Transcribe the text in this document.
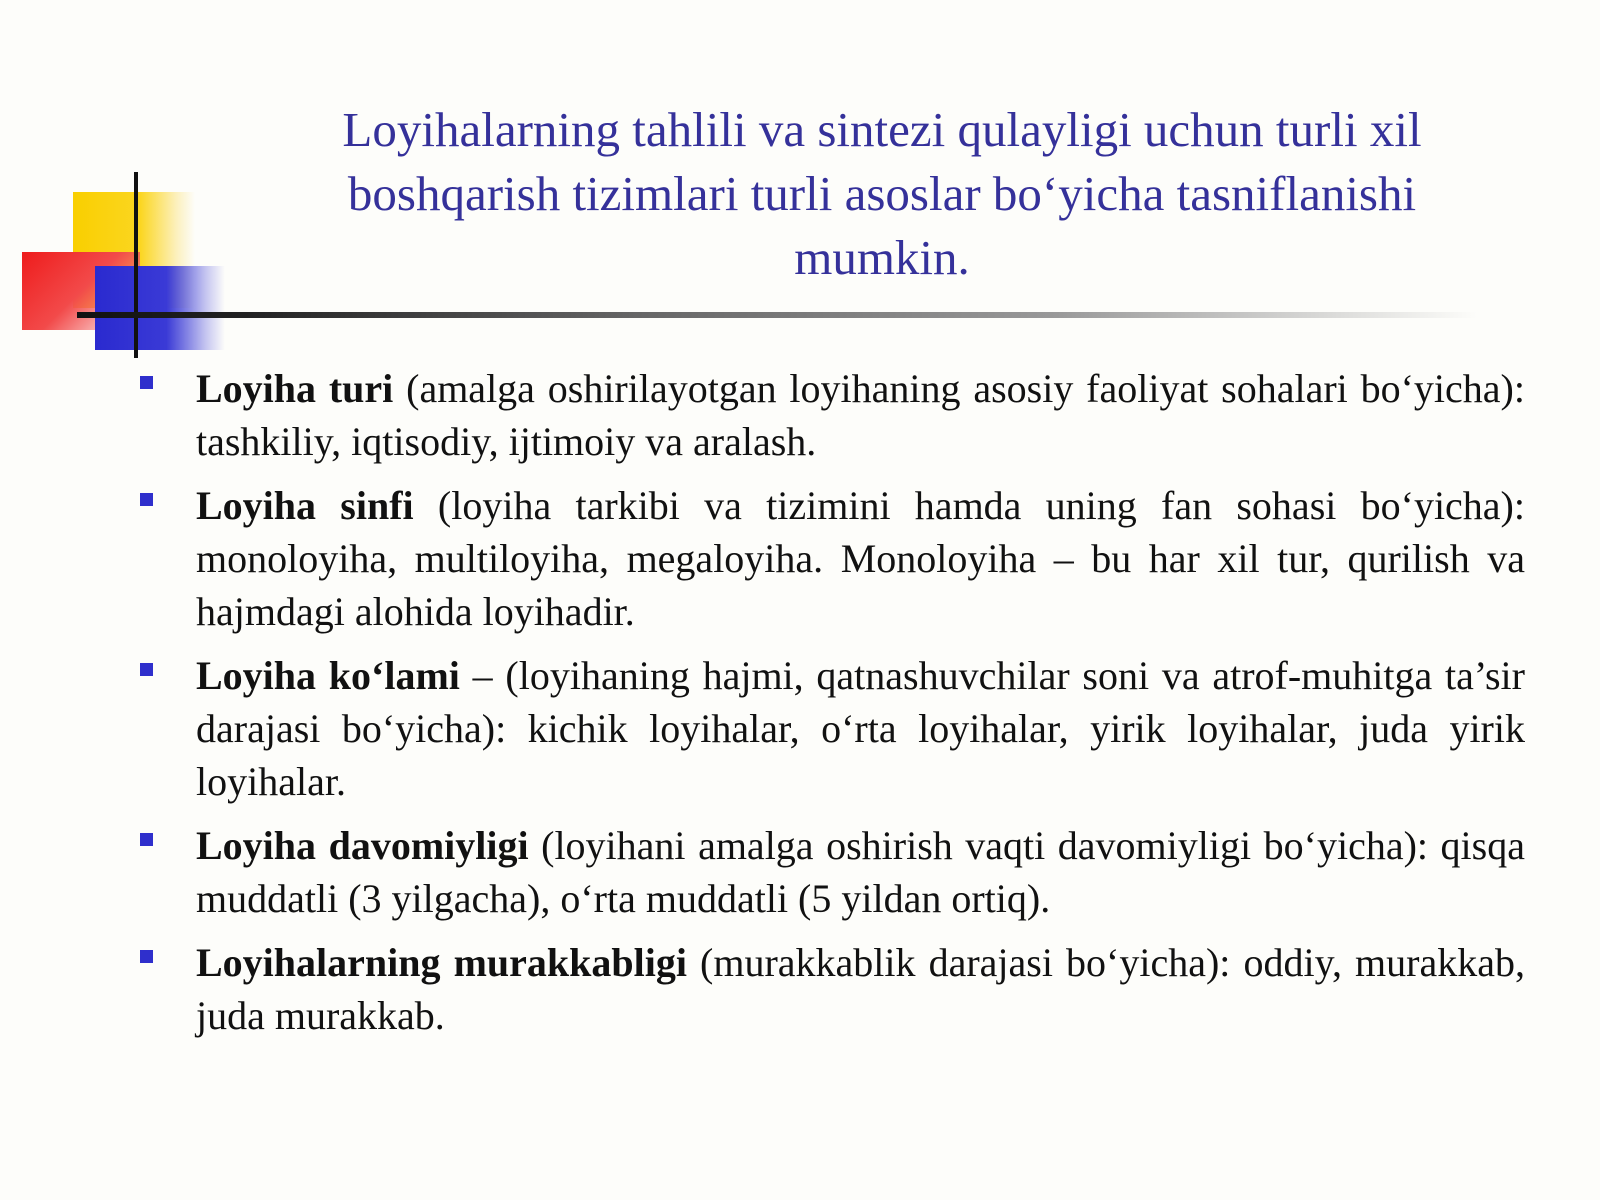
Loyihalarning tahlili va sintezi qulayligi uchun turli xil boshqarish tizimlari turli asoslar bo‘yicha tasniflanishi mumkin.
Loyiha turi (amalga oshirilayotgan loyihaning asosiy faoliyat sohalari bo‘yicha): tashkiliy, iqtisodiy, ijtimoiy va aralash.
Loyiha sinfi (loyiha tarkibi va tizimini hamda uning fan sohasi bo‘yicha): monoloyiha, multiloyiha, megaloyiha. Monoloyiha – bu har xil tur, qurilish va hajmdagi alohida loyihadir.
Loyiha ko‘lami – (loyihaning hajmi, qatnashuvchilar soni va atrof-muhitga ta’sir darajasi bo‘yicha): kichik loyihalar, o‘rta loyihalar, yirik loyihalar, juda yirik loyihalar.
Loyiha davomiyligi (loyihani amalga oshirish vaqti davomiyligi bo‘yicha): qisqa muddatli (3 yilgacha), o‘rta muddatli (5 yildan ortiq).
Loyihalarning murakkabligi (murakkablik darajasi bo‘yicha): oddiy, murakkab, juda murakkab.
